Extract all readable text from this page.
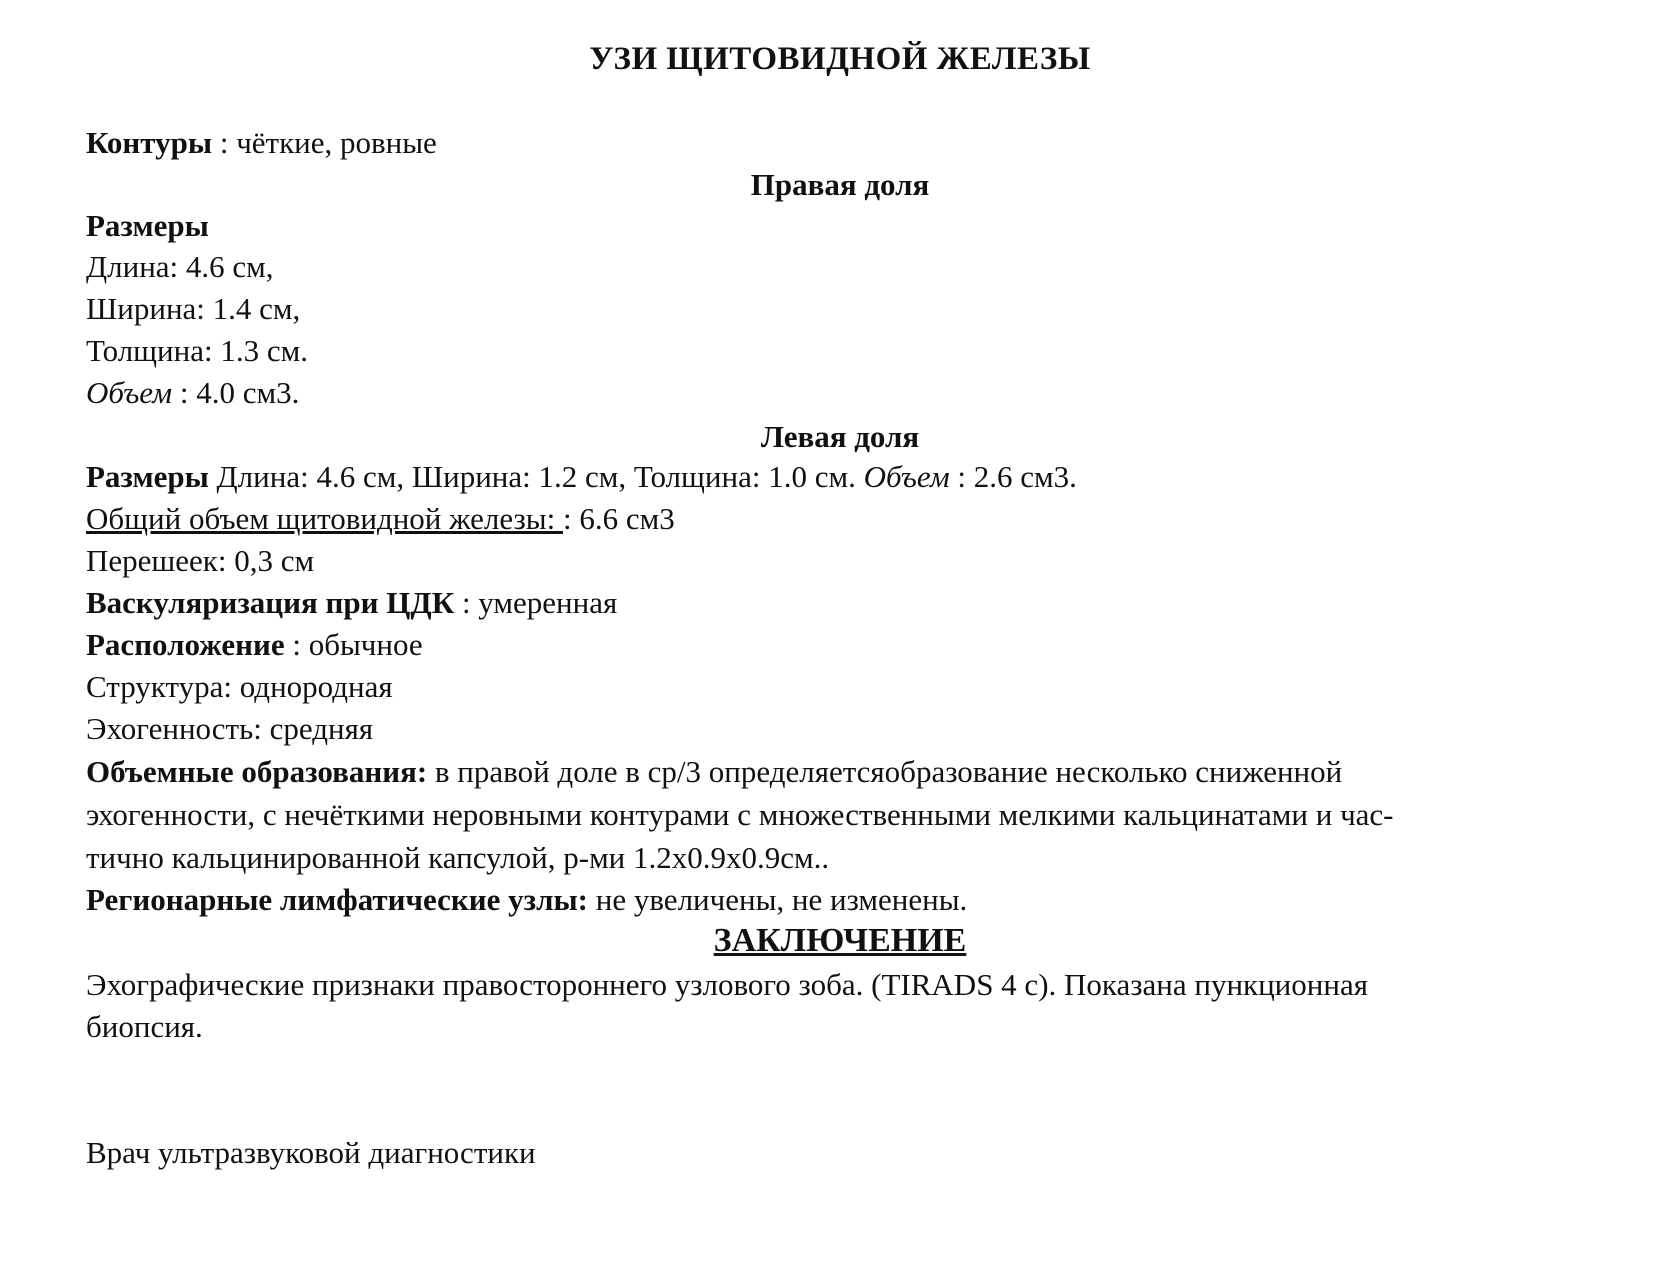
УЗИ ЩИТОВИДНОЙ ЖЕЛЕЗЫ
Контуры : чёткие, ровные
Правая доля
Размеры
Длина: 4.6 см,
Ширина: 1.4 см,
Толщина: 1.3 см.
Объем : 4.0 см3.
Левая доля
Размеры Длина: 4.6 см, Ширина: 1.2 см, Толщина: 1.0 см. Объем : 2.6 см3.
Общий объем щитовидной железы: : 6.6 см3
Перешеек: 0,3 см
Васкуляризация при ЦДК : умеренная
Расположение : обычное
Структура: однородная
Эхогенность: средняя
Объемные образования: в правой доле в ср/3 определяетсяобразование несколько сниженной
эхогенности, с нечёткими неровными контурами с множественными мелкими кальцинатами и час-
тично кальцинированной капсулой, р-ми 1.2х0.9х0.9см..
Регионарные лимфатические узлы: не увеличены, не изменены.
ЗАКЛЮЧЕНИЕ
Эхографические признаки правостороннего узлового зоба. (TIRADS 4 с). Показана пункционная
биопсия.
Врач ультразвуковой диагностики
